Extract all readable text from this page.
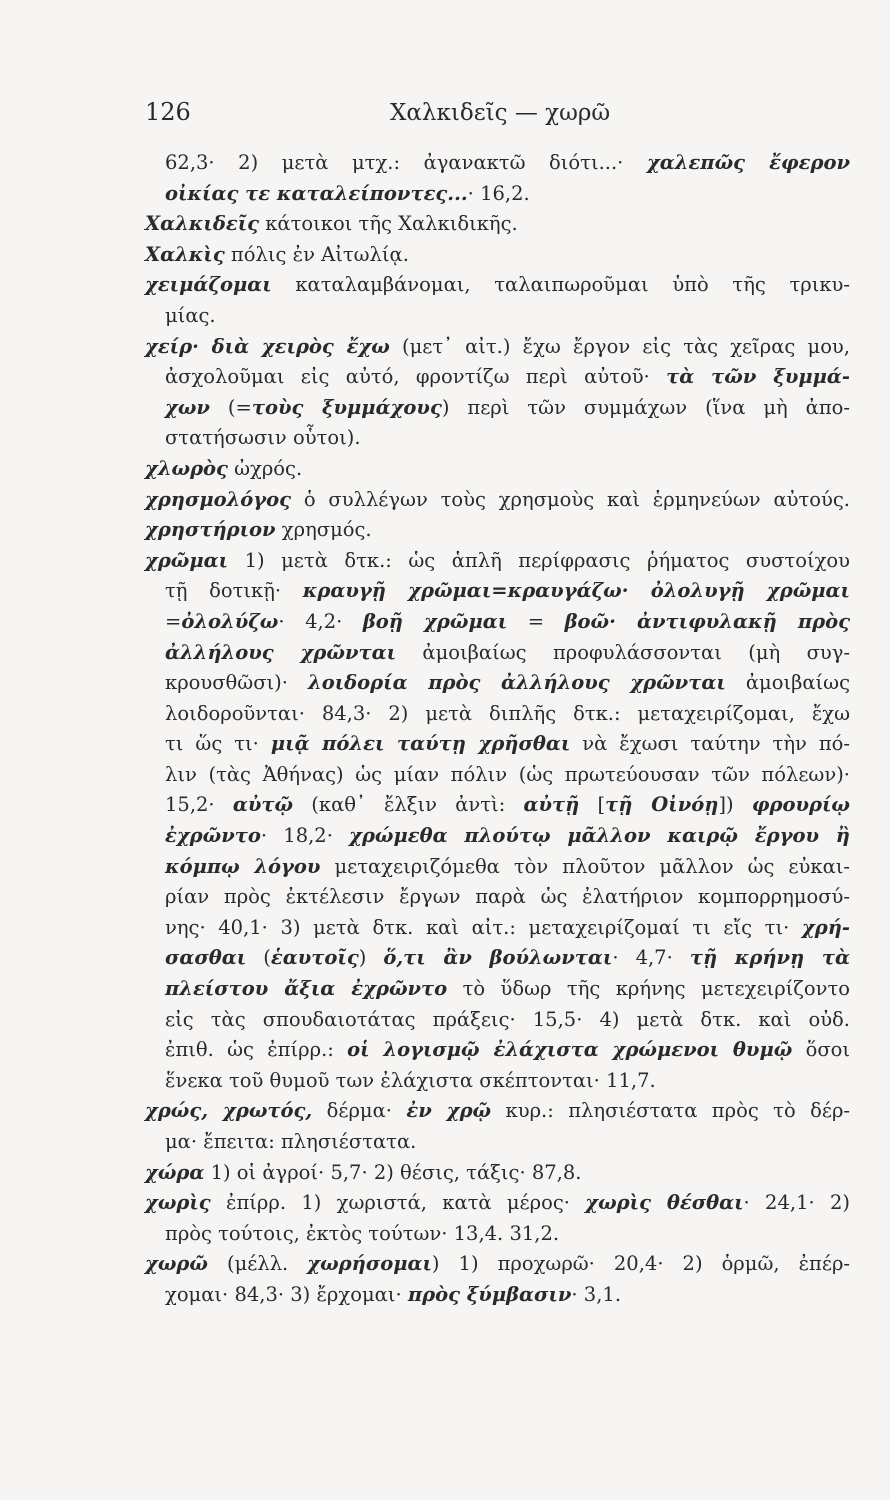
126	Χαλκιδεῖς — χωρῶ
62,3· 2) μετὰ μτχ.: ἀγανακτῶ διότι...· χαλεπῶς ἔφερον
οἰκίας τε καταλείποντες...· 16,2.
Χαλκιδεῖς κάτοικοι τῆς Χαλκιδικῆς.
Χαλκὶς πόλις ἐν Αἰτωλίᾳ.
χειμάζομαι καταλαμβάνομαι, ταλαιπωροῦμαι ὑπὸ τῆς τρικυ-
μίας.
χείρ· διὰ χειρὸς ἔχω (μετ᾽ αἰτ.) ἔχω ἔργον εἰς τὰς χεῖρας μου,
ἀσχολοῦμαι εἰς αὐτό, φροντίζω περὶ αὐτοῦ· τὰ τῶν ξυμμά-
χων (=τοὺς ξυμμάχους) περὶ τῶν συμμάχων (ἵνα μὴ ἀπο-
στατήσωσιν οὗτοι).
χλωρὸς ὠχρός.
χρησμολόγος ὁ συλλέγων τοὺς χρησμοὺς καὶ ἑρμηνεύων αὐτούς.
χρηστήριον χρησμός.
χρῶμαι 1) μετὰ δτκ.: ὡς ἁπλῆ περίφρασις ῥήματος συστοίχου
τῇ δοτικῇ· κραυγῇ χρῶμαι=κραυγάζω· ὀλολυγῇ χρῶμαι
=ὀλολύζω· 4,2· βοῇ χρῶμαι = βοῶ· ἀντιφυλακῇ πρὸς
ἀλλήλους χρῶνται ἀμοιβαίως προφυλάσσονται (μὴ συγ-
κρουσθῶσι)· λοιδορία πρὸς ἀλλήλους χρῶνται ἀμοιβαίως
λοιδοροῦνται· 84,3· 2) μετὰ διπλῆς δτκ.: μεταχειρίζομαι, ἔχω
τι ὥς τι· μιᾷ πόλει ταύτῃ χρῆσθαι νὰ ἔχωσι ταύτην τὴν πό-
λιν (τὰς Ἀθήνας) ὡς μίαν πόλιν (ὡς πρωτεύουσαν τῶν πόλεων)·
15,2· αὐτῷ (καθ᾽ ἔλξιν ἀντὶ: αὐτῇ [τῇ Οἰνόῃ]) φρουρίῳ
ἐχρῶντο· 18,2· χρώμεθα πλούτῳ μᾶλλον καιρῷ ἔργου ἢ
κόμπῳ λόγου μεταχειριζόμεθα τὸν πλοῦτον μᾶλλον ὡς εὐκαι-
ρίαν πρὸς ἐκτέλεσιν ἔργων παρὰ ὡς ἐλατήριον κομπορρημοσύ-
νης· 40,1· 3) μετὰ δτκ. καὶ αἰτ.: μεταχειρίζομαί τι εἴς τι· χρή-
σασθαι (ἑαυτοῖς) ὅ,τι ἂν βούλωνται· 4,7· τῇ κρήνῃ τὰ
πλείστου ἄξια ἐχρῶντο τὸ ὕδωρ τῆς κρήνης μετεχειρίζοντο
εἰς τὰς σπουδαιοτάτας πράξεις· 15,5· 4) μετὰ δτκ. καὶ οὐδ.
ἐπιθ. ὡς ἐπίρρ.: οἱ λογισμῷ ἐλάχιστα χρώμενοι θυμῷ ὅσοι
ἕνεκα τοῦ θυμοῦ των ἐλάχιστα σκέπτονται· 11,7.
χρώς, χρωτός, δέρμα· ἐν χρῷ κυρ.: πλησιέστατα πρὸς τὸ δέρ-
μα· ἔπειτα: πλησιέστατα.
χώρα 1) οἱ ἀγροί· 5,7· 2) θέσις, τάξις· 87,8.
χωρὶς ἐπίρρ. 1) χωριστά, κατὰ μέρος· χωρὶς θέσθαι· 24,1· 2)
πρὸς τούτοις, ἐκτὸς τούτων· 13,4. 31,2.
χωρῶ (μέλλ. χωρήσομαι) 1) προχωρῶ· 20,4· 2) ὁρμῶ, ἐπέρ-
χομαι· 84,3· 3) ἔρχομαι· πρὸς ξύμβασιν· 3,1.
